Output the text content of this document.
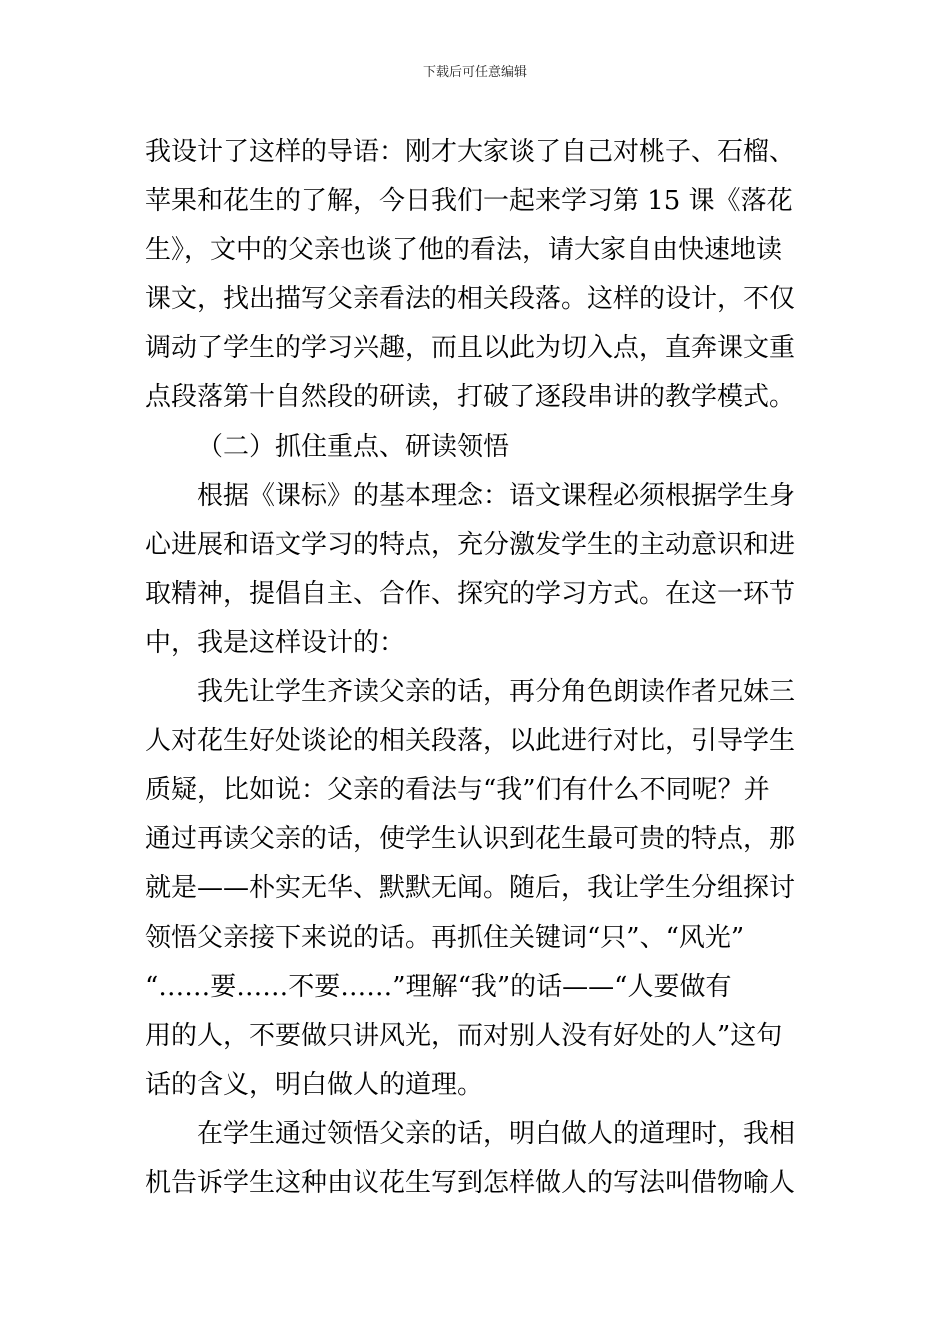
下载后可任意编辑
我设计了这样的导语：刚才大家谈了自己对桃子、石榴、
苹果和花生的了解，今日我们一起来学习第 15 课《落花
生》，文中的父亲也谈了他的看法，请大家自由快速地读
课文，找出描写父亲看法的相关段落。这样的设计，不仅
调动了学生的学习兴趣，而且以此为切入点，直奔课文重
点段落第十自然段的研读，打破了逐段串讲的教学模式。
（二）抓住重点、研读领悟
根据《课标》的基本理念：语文课程必须根据学生身
心进展和语文学习的特点，充分激发学生的主动意识和进
取精神，提倡自主、合作、探究的学习方式。在这一环节
中，我是这样设计的：
我先让学生齐读父亲的话，再分角色朗读作者兄妹三
人对花生好处谈论的相关段落，以此进行对比，引导学生
质疑，比如说：父亲的看法与“我”们有什么不同呢？并
通过再读父亲的话，使学生认识到花生最可贵的特点，那
就是——朴实无华、默默无闻。随后，我让学生分组探讨
领悟父亲接下来说的话。再抓住关键词“只”、“风光”
“……要……不要……”理解“我”的话——“人要做有
用的人，不要做只讲风光，而对别人没有好处的人”这句
话的含义，明白做人的道理。
在学生通过领悟父亲的话，明白做人的道理时，我相
机告诉学生这种由议花生写到怎样做人的写法叫借物喻人
